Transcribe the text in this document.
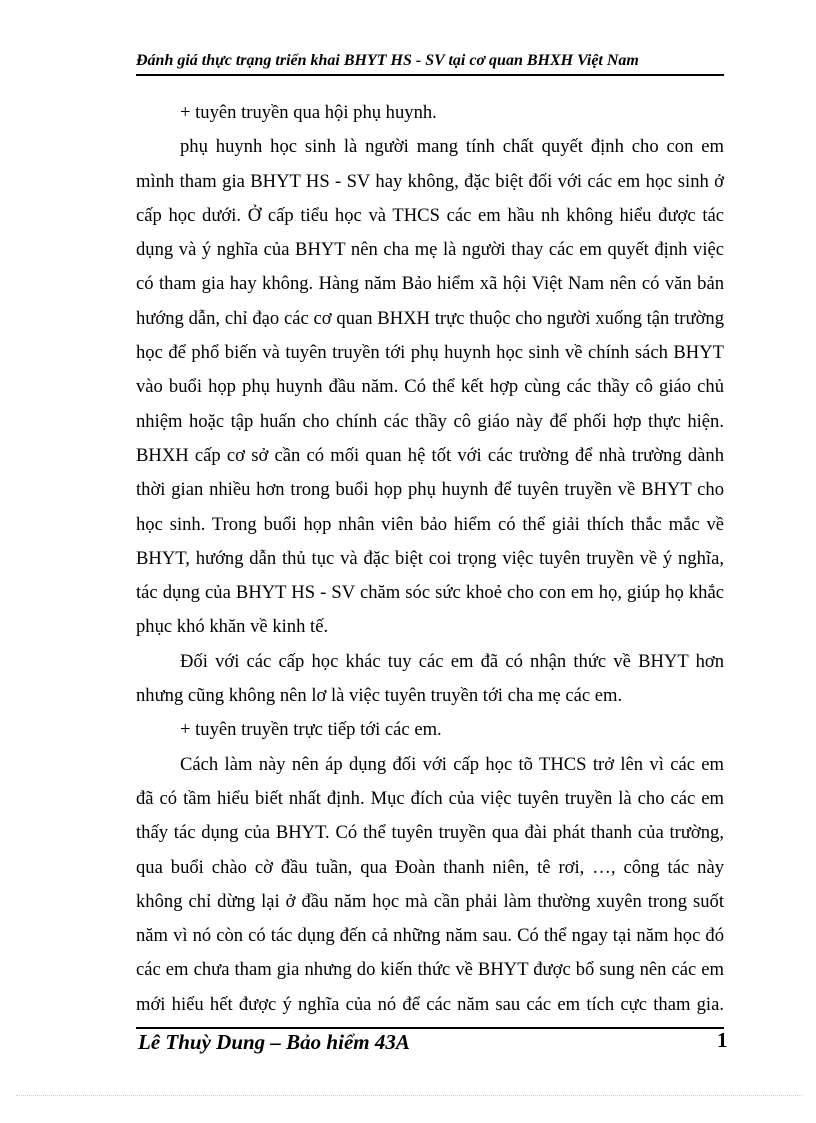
Đánh giá thực trạng triển khai BHYT HS - SV tại cơ quan BHXH Việt Nam
+ tuyên truyền qua hội phụ huynh.
phụ huynh học sinh là người mang tính chất quyết định cho con em
mình tham gia BHYT HS - SV hay không, đặc biệt đối với các em học sinh ở
cấp học dưới. Ở cấp tiểu học và THCS các em hầu nh không hiểu được tác
dụng và ý nghĩa của BHYT nên cha mẹ là người thay các em quyết định việc
có tham gia hay không. Hàng năm Bảo hiểm xã hội Việt Nam nên có văn bản
hướng dẫn, chỉ đạo các cơ quan BHXH trực thuộc cho người xuống tận trường
học để phổ biến và tuyên truyền tới phụ huynh học sinh về chính sách BHYT
vào buổi họp phụ huynh đầu năm. Có thể kết hợp cùng các thầy cô giáo chủ
nhiệm hoặc tập huấn cho chính các thầy cô giáo này để phối hợp thực hiện.
BHXH cấp cơ sở cần có mối quan hệ tốt với các trường để nhà trường dành
thời gian nhiều hơn trong buổi họp phụ huynh để tuyên truyền về BHYT cho
học sinh. Trong buổi họp nhân viên bảo hiểm có thể giải thích thắc mắc về
BHYT, hướng dẫn thủ tục và đặc biệt coi trọng việc tuyên truyền về ý nghĩa,
tác dụng của BHYT HS - SV chăm sóc sức khoẻ cho con em họ, giúp họ khắc
phục khó khăn về kinh tế.
Đối với các cấp học khác tuy các em đã có nhận thức về BHYT hơn
nhưng cũng không nên lơ là việc tuyên truyền tới cha mẹ các em.
+ tuyên truyền trực tiếp tới các em.
Cách làm này nên áp dụng đối với cấp học tõ THCS trở lên vì các em
đã có tầm hiểu biết nhất định. Mục đích của việc tuyên truyền là cho các em
thấy tác dụng của BHYT. Có thể tuyên truyền qua đài phát thanh của trường,
qua buổi chào cờ đầu tuần, qua Đoàn thanh niên, tê rơi, …, công tác này
không chỉ dừng lại ở đầu năm học mà cần phải làm thường xuyên trong suốt
năm vì nó còn có tác dụng đến cả những năm sau. Có thể ngay tại năm học đó
các em chưa tham gia nhưng do kiến thức về BHYT được bổ sung nên các em
mới hiểu hết được ý nghĩa của nó để các năm sau các em tích cực tham gia.
Lê Thuỳ Dung – Bảo hiểm 43A	1
